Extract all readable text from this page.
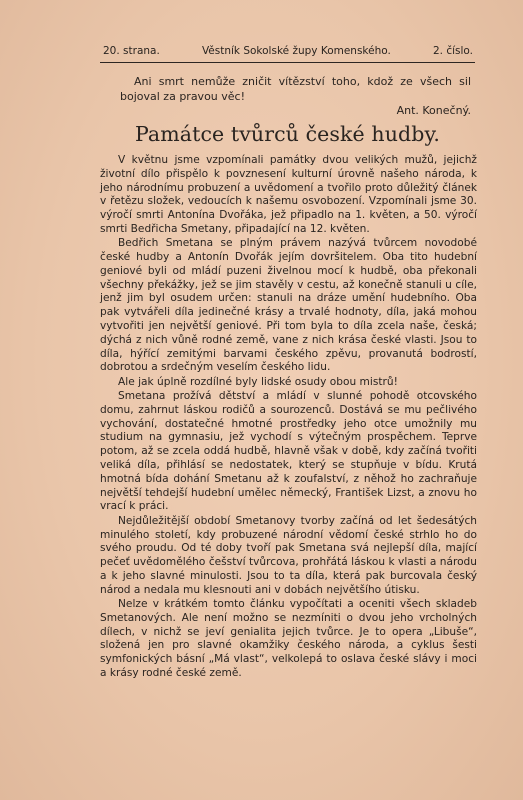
20. strana.	Věstník Sokolské župy Komenského.	2. číslo.
Ani smrt nemůže zničit vítězství toho, kdož ze všech sil bojoval za pravou věc!
Ant. Konečný.
Památce tvůrců české hudby.

V květnu jsme vzpomínali památky dvou velikých mužů, jejichž životní dílo přispělo k povznesení kulturní úrovně našeho národa, k jeho národnímu probuzení a uvědomení a tvořilo proto důležitý článek v řetězu složek, vedoucích k našemu osvobození. Vzpomínali jsme 30. výročí smrti Antonína Dvořáka, jež připadlo na 1. květen, a 50. výročí smrti Bedřicha Smetany, připadající na 12. květen.

Bedřich Smetana se plným právem nazývá tvůrcem novodobé české hudby a Antonín Dvořák jejím dovršitelem. Oba tito hudební geniové byli od mládí puzeni živelnou mocí k hudbě, oba překonali všechny překážky, jež se jim stavěly v cestu, až konečně stanuli u cíle, jenž jim byl osudem určen: stanuli na dráze umění hudebního. Oba pak vytvářeli díla jedinečné krásy a trvalé hodnoty, díla, jaká mohou vytvořiti jen největší geniové. Při tom byla to díla zcela naše, česká; dýchá z nich vůně rodné země, vane z nich krása české vlasti. Jsou to díla, hýřící zemitými barvami českého zpěvu, provanutá bodrostí, dobrotou a srdečným veselím českého lidu.

Ale jak úplně rozdílné byly lidské osudy obou mistrů!

Smetana prožívá dětství a mládí v slunné pohodě otcovského domu, zahrnut láskou rodičů a sourozenců. Dostává se mu pečlivého vychování, dostatečné hmotné prostředky jeho otce umožnily mu studium na gymnasiu, jež vychodí s výtečným prospěchem. Teprve potom, až se zcela oddá hudbě, hlavně však v době, kdy začíná tvořiti veliká díla, přihlásí se nedostatek, který se stupňuje v bídu. Krutá hmotná bída dohání Smetanu až k zoufalství, z něhož ho zachraňuje největší tehdejší hudební umělec německý, František Lizst, a znovu ho vrací k práci.

Nejdůležitější období Smetanovy tvorby začíná od let šedesátých minulého století, kdy probuzené národní vědomí české strhlo ho do svého proudu. Od té doby tvoří pak Smetana svá nejlepší díla, mající pečeť uvědomělého češství tvůrcova, prohřátá láskou k vlasti a národu a k jeho slavné minulosti. Jsou to ta díla, která pak burcovala český národ a nedala mu klesnouti ani v dobách největšího útisku.

Nelze v krátkém tomto článku vypočítati a oceniti všech skladeb Smetanových. Ale není možno se nezmíniti o dvou jeho vrcholných dílech, v nichž se jeví genialita jejich tvůrce. Je to opera „Libuše“, složená jen pro slavné okamžiky českého národa, a cyklus šesti symfonických básní „Má vlast“, velkolepá to oslava české slávy i moci a krásy rodné české země.
